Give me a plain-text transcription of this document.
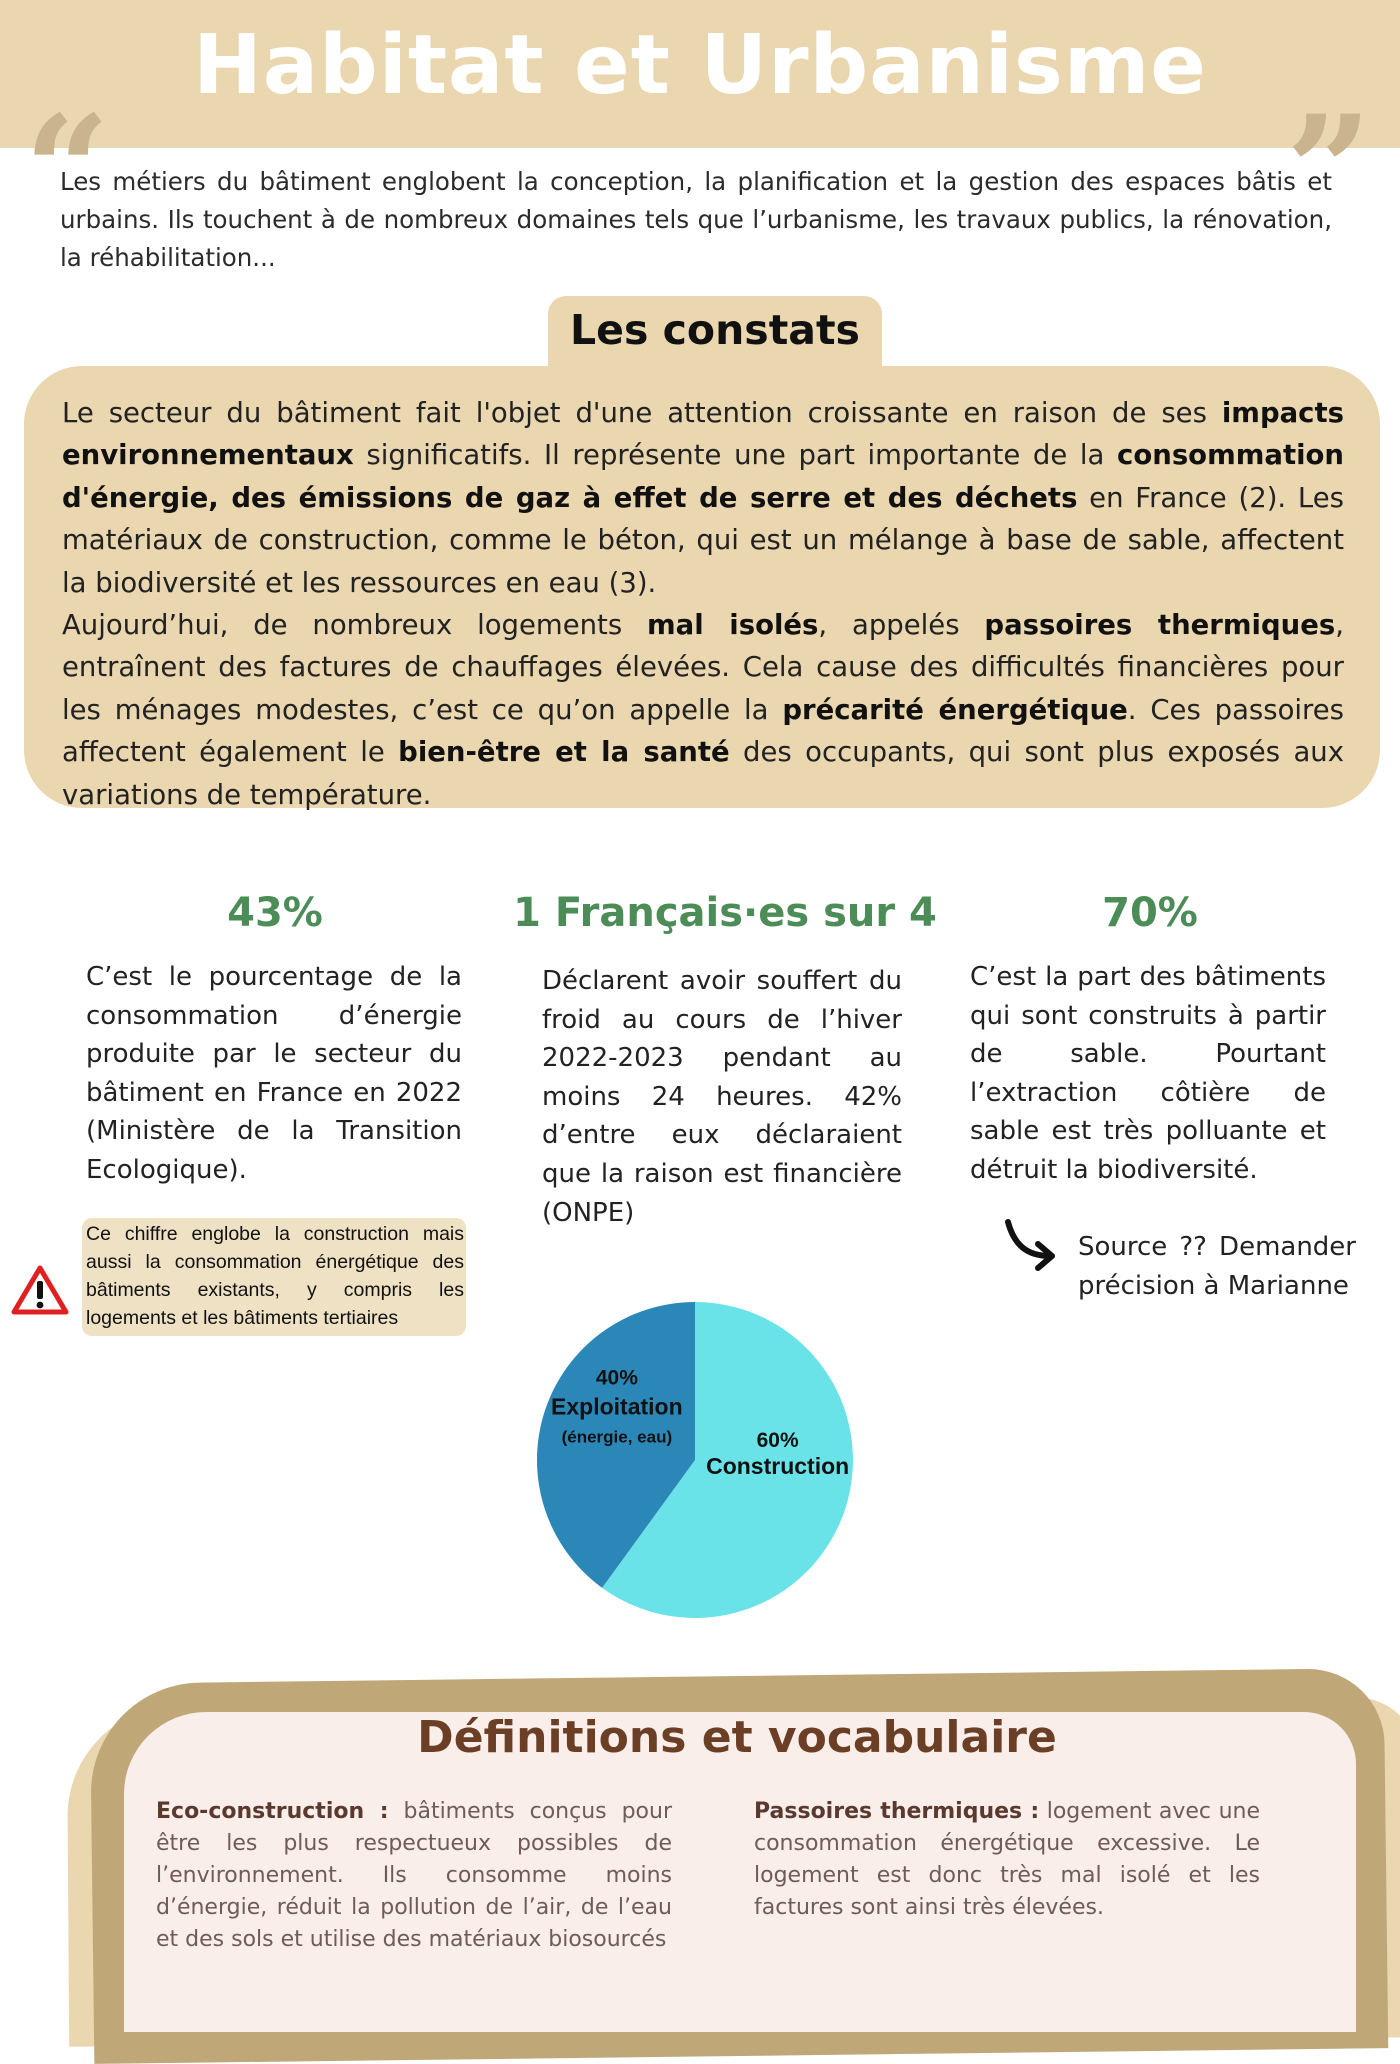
Habitat et Urbanisme
“	”

Les métiers du bâtiment englobent la conception, la planification et la gestion des espaces bâtis et urbains. Ils touchent à de nombreux domaines tels que l’urbanisme, les travaux publics, la rénovation, la réhabilitation...

Les constats

Le secteur du bâtiment fait l'objet d'une attention croissante en raison de ses impacts environnementaux significatifs. Il représente une part importante de la consommation d'énergie, des émissions de gaz à effet de serre et des déchets en France (2). Les matériaux de construction, comme le béton, qui est un mélange à base de sable, affectent la biodiversité et les ressources en eau (3).
Aujourd’hui, de nombreux logements mal isolés, appelés passoires thermiques, entraînent des factures de chauffages élevées. Cela cause des difficultés financières pour les ménages modestes, c’est ce qu’on appelle la précarité énergétique. Ces passoires affectent également le bien-être et la santé des occupants, qui sont plus exposés aux variations de température.

43%

C’est le pourcentage de la consommation d’énergie produite par le secteur du bâtiment en France en 2022 (Ministère de la Transition Ecologique).

1 Français·es sur 4

Déclarent avoir souffert du froid au cours de l’hiver 2022-2023 pendant au moins 24 heures. 42% d’entre eux déclaraient que la raison est financière (ONPE)

70%

C’est la part des bâtiments qui sont construits à partir de sable. Pourtant l’extraction côtière de sable est très polluante et détruit la biodiversité.

Ce chiffre englobe la construction mais aussi la consommation énergétique des bâtiments existants, y compris les logements et les bâtiments tertiaires

Source ?? Demander précision à Marianne

40%
Exploitation
(énergie, eau)	60%
Construction
Définitions et vocabulaire

Eco-construction : bâtiments conçus pour être les plus respectueux possibles de l’environnement. Ils consomme moins d’énergie, réduit la pollution de l’air, de l’eau et des sols et utilise des matériaux biosourcés

Passoires thermiques : logement avec une consommation énergétique excessive. Le logement est donc très mal isolé et les factures sont ainsi très élevées.
